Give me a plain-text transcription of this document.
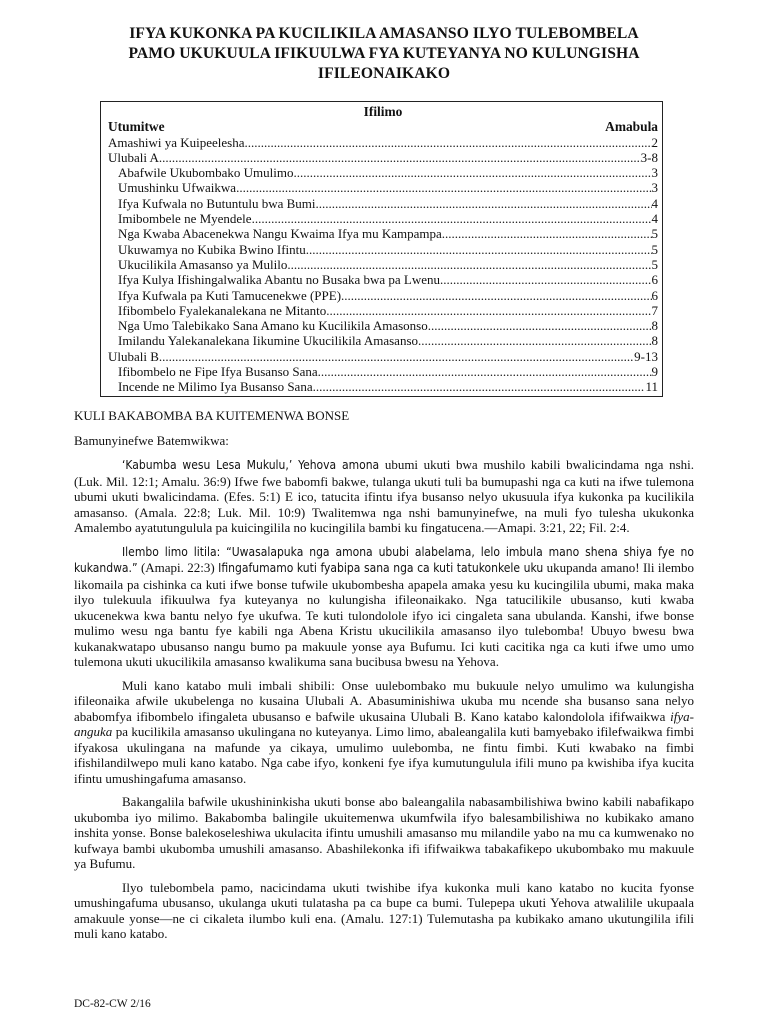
IFYA KUKONKA PA KUCILIKILA AMASANSO ILYO TULEBOMBELA
PAMO UKUKUULA IFIKUULWA FYA KUTEYANYA NO KULUNGISHA
IFILEONAIKAKO
Ifilimo
Utumitwe	Amabula
Amashiwi ya Kuipeelesha .....	2
Ulubali A .....	3-8
Abafwile Ukubombako Umulimo .....	3
Umushinku Ufwaikwa .....	3
Ifya Kufwala no Butuntulu bwa Bumi .....	4
Imibombele ne Myendele .....	4
Nga Kwaba Abacenekwa Nangu Kwaima Ifya mu Kampampa .....	5
Ukuwamya no Kubika Bwino Ifintu .....	5
Ukucilikila Amasanso ya Mulilo .....	5
Ifya Kulya Ifishingalwalika Abantu no Busaka bwa pa Lwenu .....	6
Ifya Kufwala pa Kuti Tamucenekwe (PPE) .....	6
Ifibombelo Fyalekanalekana ne Mitanto .....	7
Nga Umo Talebikako Sana Amano ku Kucilikila Amasonso .....	8
Imilandu Yalekanalekana Iikumine Ukucilikila Amasanso .....	8
Ulubali B .....	9-13
Ifibombelo ne Fipe Ifya Busanso Sana .....	9
Incende ne Milimo Iya Busanso Sana .....	11

KULI BAKABOMBA BA KUITEMENWA BONSE

Bamunyinefwe Batemwikwa:

‘Kabumba wesu Lesa Mukulu,’ Yehova amona ubumi ukuti bwa mushilo kabili bwalicindama nga nshi. (Luk. Mil. 12:1; Amalu. 36:9) Ifwe fwe babomfi bakwe, tulanga ukuti tuli ba bumupashi nga ca kuti na ifwe tulemona ubumi ukuti bwalicindama. (Efes. 5:1) E ico, tatucita ifintu ifya busanso nelyo ukusuula ifya kukonka pa kucilikila amasanso. (Amala. 22:8; Luk. Mil. 10:9) Twalitemwa nga nshi bamunyinefwe, na muli fyo tulesha ukukonka Amalembo ayatutungulula pa kuicingilila no kucingilila bambi ku fingatucena.—Amapi. 3:21, 22; Fil. 2:4.

Ilembo limo litila: “Uwasalapuka nga amona ububi alabelama, lelo imbula mano shena shiya fye no kukandwa.” (Amapi. 22:3) Ifingafumamo kuti fyabipa sana nga ca kuti tatukonkele uku ukupanda amano! Ili ilembo likomaila pa cishinka ca kuti ifwe bonse tufwile ukubombesha apapela amaka yesu ku kucingilila ubumi, maka maka ilyo tulekuula ifikuulwa fya kuteyanya no kulungisha ifileonaikako. Nga tatucilikile ubusanso, kuti kwaba ukucenekwa kwa bantu nelyo fye ukufwa. Te kuti tulondolole ifyo ici cingaleta sana ubulanda. Kanshi, ifwe bonse mulimo wesu nga bantu fye kabili nga Abena Kristu ukucilikila amasanso ilyo tulebomba! Ubuyo bwesu bwa kukanakwatapo ubusanso nangu bumo pa makuule yonse aya Bufumu. Ici kuti cacitika nga ca kuti ifwe umo umo tulemona ukuti ukucilikila amasanso kwalikuma sana bucibusa bwesu na Yehova.

Muli kano katabo muli imbali shibili: Onse uulebombako mu bukuule nelyo umulimo wa kulungisha ifileonaika afwile ukubelenga no kusaina Ulubali A. Abasuminishiwa ukuba mu ncende sha busanso sana nelyo ababomfya ifibombelo ifingaleta ubusanso e bafwile ukusaina Ulubali B. Kano katabo kalondolola ififwaikwa ifya-anguka pa kucilikila amasanso ukulingana no kuteyanya. Limo limo, abaleangalila kuti bamyebako ifilefwaikwa fimbi ifyakosa ukulingana na mafunde ya cikaya, umulimo uulebomba, ne fintu fimbi. Kuti kwabako na fimbi ifishilandilwepo muli kano katabo. Nga cabe ifyo, konkeni fye ifya kumutungulula ifili muno pa kwishiba ifya kucita ifintu umushingafuma amasanso.

Bakangalila bafwile ukushininkisha ukuti bonse abo baleangalila nabasambilishiwa bwino kabili nabafikapo ukubomba iyo milimo. Bakabomba balingile ukuitemenwa ukumfwila ifyo balesambilishiwa no kubikako amano inshita yonse. Bonse balekoseleshiwa ukulacita ifintu umushili amasanso mu milandile yabo na mu ca kumwenako no kufwaya bambi ukubomba umushili amasanso. Abashilekonka ifi ififwaikwa tabakafikepo ukubombako mu makuule ya Bufumu.

Ilyo tulebombela pamo, nacicindama ukuti twishibe ifya kukonka muli kano katabo no kucita fyonse umushingafuma ubusanso, ukulanga ukuti tulatasha pa ca bupe ca bumi. Tulepepa ukuti Yehova atwalilile ukupaala amakuule yonse—ne ci cikaleta ilumbo kuli ena. (Amalu. 127:1) Tulemutasha pa kubikako amano ukutungilila ifili muli kano katabo.

DC-82-CW 2/16
